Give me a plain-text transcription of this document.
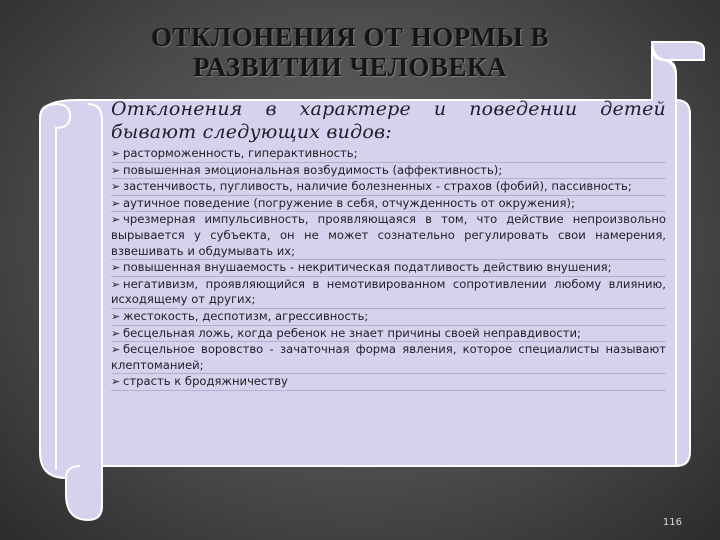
ОТКЛОНЕНИЯ ОТ НОРМЫ В
РАЗВИТИИ ЧЕЛОВЕКА
Отклонения в характере и поведении детей
бывают следующих видов:
➢ расторможенность, гиперактивность;
➢ повышенная эмоциональная возбудимость (аффективность);
➢ застенчивость, пугливость, наличие болезненных - страхов (фобий), пассивность;
➢ аутичное поведение (погружение в себя, отчужденность от окружения);
➢ чрезмерная импульсивность, проявляющаяся в том, что действие непроизвольно вырывается у субъекта, он не может сознательно регулировать свои намерения, взвешивать и обдумывать их;
➢ повышенная внушаемость - некритическая податливость действию внушения;
➢ негативизм, проявляющийся в немотивированном сопротивлении любому влиянию, исходящему от других;
➢ жестокость, деспотизм, агрессивность;
➢ бесцельная ложь, когда ребенок не знает причины своей неправдивости;
➢ бесцельное воровство - зачаточная форма явления, которое специалисты называют клептоманией;
➢ страсть к бродяжничеству
116
